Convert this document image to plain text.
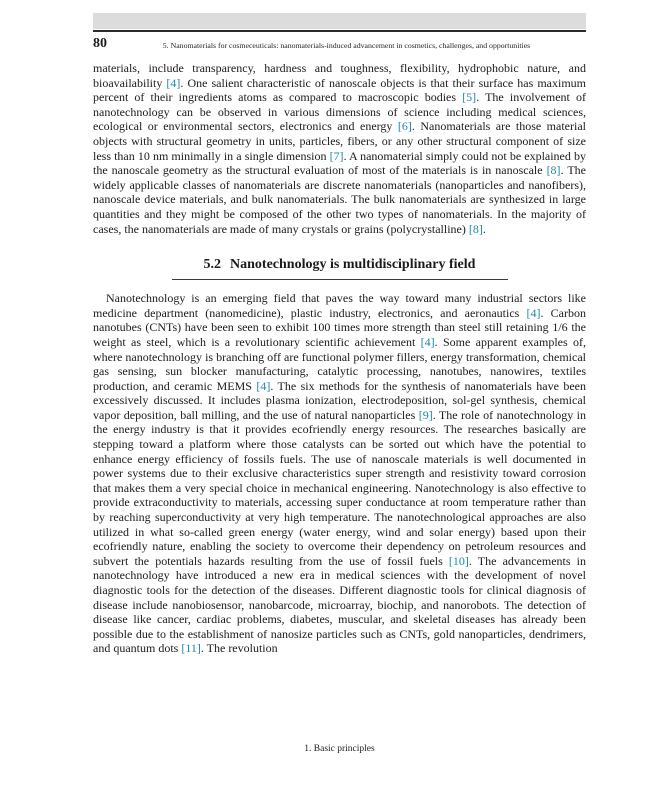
80	5. Nanomaterials for cosmeceuticals: nanomaterials-induced advancement in cosmetics, challenges, and opportunities

materials, include transparency, hardness and toughness, flexibility, hydrophobic nature, and bioavailability [4]. One salient characteristic of nanoscale objects is that their surface has maximum percent of their ingredients atoms as compared to macroscopic bodies [5]. The involvement of nanotechnology can be observed in various dimensions of science including medical sciences, ecological or environmental sectors, electronics and energy [6]. Nanomaterials are those material objects with structural geometry in units, particles, fibers, or any other structural component of size less than 10 nm minimally in a single dimension [7]. A nanomaterial simply could not be explained by the nanoscale geometry as the structural evaluation of most of the materials is in nanoscale [8]. The widely applicable classes of nanomaterials are discrete nanomaterials (nanoparticles and nanofibers), nanoscale device materials, and bulk nanomaterials. The bulk nanomaterials are synthesized in large quantities and they might be composed of the other two types of nanomaterials. In the majority of cases, the nanomaterials are made of many crystals or grains (polycrystalline) [8].

5.2 Nanotechnology is multidisciplinary field

Nanotechnology is an emerging field that paves the way toward many industrial sectors like medicine department (nanomedicine), plastic industry, electronics, and aeronautics [4]. Carbon nanotubes (CNTs) have been seen to exhibit 100 times more strength than steel still retaining 1/6 the weight as steel, which is a revolutionary scientific achievement [4]. Some apparent examples of, where nanotechnology is branching off are functional polymer fillers, energy transformation, chemical gas sensing, sun blocker manufacturing, catalytic processing, nanotubes, nanowires, textiles production, and ceramic MEMS [4]. The six methods for the synthesis of nanomaterials have been excessively discussed. It includes plasma ionization, electrodeposition, sol-gel synthesis, chemical vapor deposition, ball milling, and the use of natural nanoparticles [9]. The role of nanotechnology in the energy industry is that it provides ecofriendly energy resources. The researches basically are stepping toward a platform where those catalysts can be sorted out which have the potential to enhance energy efficiency of fossils fuels. The use of nanoscale materials is well documented in power systems due to their exclusive characteristics super strength and resistivity toward corrosion that makes them a very special choice in mechanical engineering. Nanotechnology is also effective to provide extraconductivity to materials, accessing super conductance at room temperature rather than by reaching superconductivity at very high temperature. The nanotechnological approaches are also utilized in what so-called green energy (water energy, wind and solar energy) based upon their ecofriendly nature, enabling the society to overcome their dependency on petroleum resources and subvert the potentials hazards resulting from the use of fossil fuels [10]. The advancements in nanotechnology have introduced a new era in medical sciences with the development of novel diagnostic tools for the detection of the diseases. Different diagnostic tools for clinical diagnosis of disease include nanobiosensor, nanobarcode, microarray, biochip, and nanorobots. The detection of disease like cancer, cardiac problems, diabetes, muscular, and skeletal diseases has already been possible due to the establishment of nanosize particles such as CNTs, gold nanoparticles, dendrimers, and quantum dots [11]. The revolution

1. Basic principles
